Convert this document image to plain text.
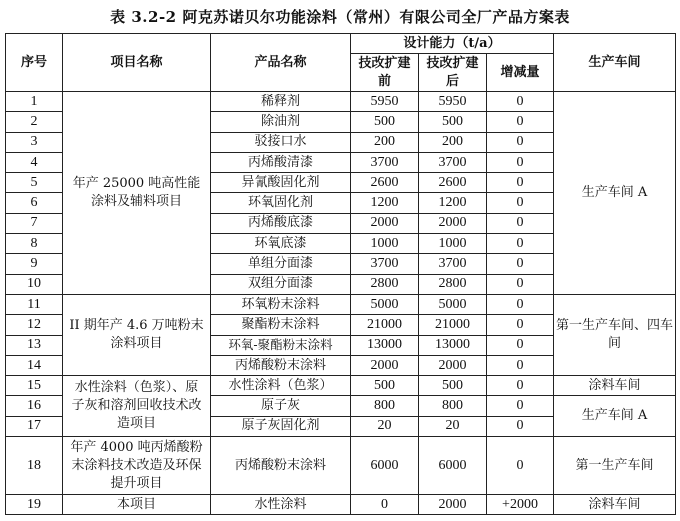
表 3.2-2 阿克苏诺贝尔功能涂料（常州）有限公司全厂产品方案表
序号	项目名称	产品名称	设计能力（t/a）			生产车间
			技改扩建前	技改扩建后	增减量	
1	年产 25000 吨高性能涂料及辅料项目	稀释剂	5950	5950	0	生产车间 A
2		除油剂	500	500	0	
3		驳接口水	200	200	0	
4		丙烯酸清漆	3700	3700	0	
5		异氰酸固化剂	2600	2600	0	
6		环氧固化剂	1200	1200	0	
7		丙烯酸底漆	2000	2000	0	
8		环氧底漆	1000	1000	0	
9		单组分面漆	3700	3700	0	
10		双组分面漆	2800	2800	0	
11	II 期年产 4.6 万吨粉末涂料项目	环氧粉末涂料	5000	5000	0	第一生产车间、四车间
12		聚酯粉末涂料	21000	21000	0	
13		环氧-聚酯粉末涂料	13000	13000	0	
14		丙烯酸粉末涂料	2000	2000	0	
15	水性涂料（色浆）、原子灰和溶剂回收技术改造项目	水性涂料（色浆）	500	500	0	涂料车间
16		原子灰	800	800	0	生产车间 A
17		原子灰固化剂	20	20	0	
18	年产 4000 吨丙烯酸粉末涂料技术改造及环保提升项目	丙烯酸粉末涂料	6000	6000	0	第一生产车间
19	本项目	水性涂料	0	2000	+2000	涂料车间
